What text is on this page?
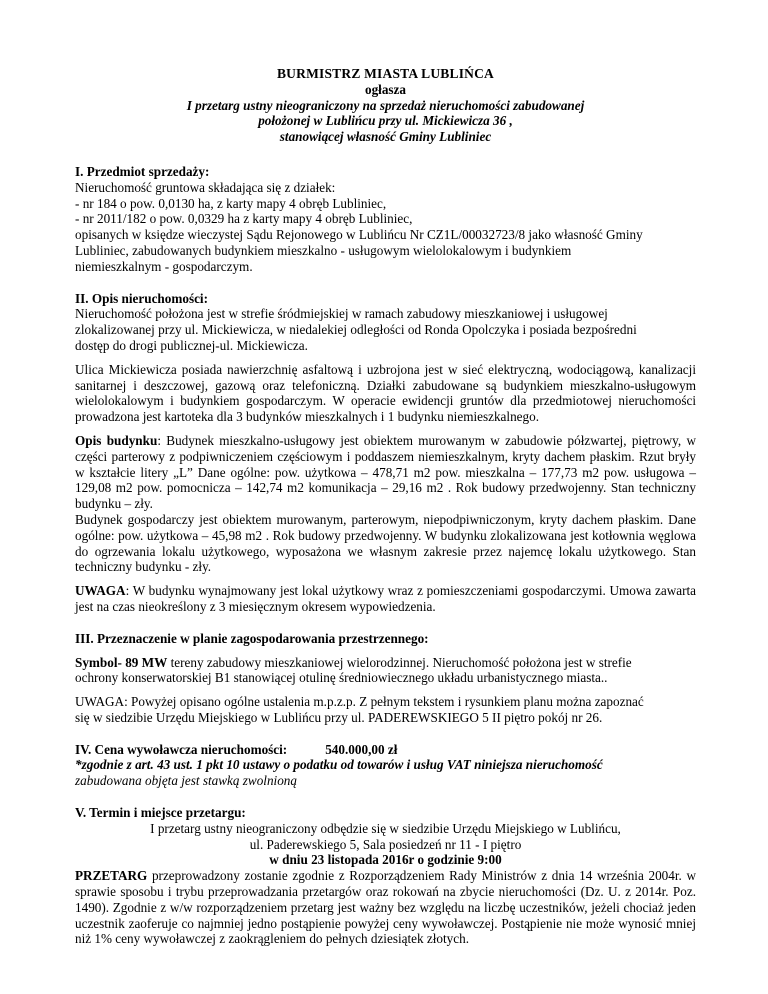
BURMISTRZ MIASTA LUBLIŃCA

ogłasza

I przetarg ustny nieograniczony na sprzedaż nieruchomości zabudowanej

położonej w Lublińcu przy ul. Mickiewicza 36 ,

stanowiącej własność Gminy Lubliniec

I. Przedmiot sprzedaży:

Nieruchomość gruntowa składająca się z działek:

- nr 184 o pow. 0,0130 ha, z karty mapy 4 obręb Lubliniec,

- nr 2011/182 o pow. 0,0329 ha z karty mapy 4 obręb Lubliniec,

opisanych w księdze wieczystej Sądu Rejonowego w Lublińcu Nr CZ1L/00032723/8 jako własność Gminy

Lubliniec, zabudowanych budynkiem mieszkalno - usługowym wielolokalowym i budynkiem

niemieszkalnym - gospodarczym.

II. Opis nieruchomości:

Nieruchomość położona jest w strefie śródmiejskiej w ramach zabudowy mieszkaniowej i usługowej

zlokalizowanej przy ul. Mickiewicza, w niedalekiej odległości od Ronda Opolczyka i posiada bezpośredni

dostęp do drogi publicznej-ul. Mickiewicza.

Ulica Mickiewicza posiada nawierzchnię asfaltową i uzbrojona jest w sieć elektryczną, wodociągową, kanalizacji sanitarnej i deszczowej, gazową oraz telefoniczną. Działki zabudowane są budynkiem mieszkalno-usługowym wielolokalowym i budynkiem gospodarczym. W operacie ewidencji gruntów dla przedmiotowej nieruchomości prowadzona jest kartoteka dla 3 budynków mieszkalnych i 1 budynku niemieszkalnego.

Opis budynku: Budynek mieszkalno-usługowy jest obiektem murowanym w zabudowie półzwartej, piętrowy, w części parterowy z podpiwniczeniem częściowym i poddaszem niemieszkalnym, kryty dachem płaskim. Rzut bryły w kształcie litery „L” Dane ogólne: pow. użytkowa – 478,71 m2 pow. mieszkalna – 177,73 m2 pow. usługowa – 129,08 m2 pow. pomocnicza – 142,74 m2 komunikacja – 29,16 m2 . Rok budowy przedwojenny. Stan techniczny budynku – zły.

Budynek gospodarczy jest obiektem murowanym, parterowym, niepodpiwniczonym, kryty dachem płaskim. Dane ogólne: pow. użytkowa – 45,98 m2 . Rok budowy przedwojenny. W budynku zlokalizowana jest kotłownia węglowa do ogrzewania lokalu użytkowego, wyposażona we własnym zakresie przez najemcę lokalu użytkowego. Stan techniczny budynku - zły.

UWAGA: W budynku wynajmowany jest lokal użytkowy wraz z pomieszczeniami gospodarczymi. Umowa zawarta jest na czas nieokreślony z 3 miesięcznym okresem wypowiedzenia.

III. Przeznaczenie w planie zagospodarowania przestrzennego:

Symbol- 89 MW tereny zabudowy mieszkaniowej wielorodzinnej. Nieruchomość położona jest w strefie

ochrony konserwatorskiej B1 stanowiącej otulinę średniowiecznego układu urbanistycznego miasta..

UWAGA: Powyżej opisano ogólne ustalenia m.p.z.p. Z pełnym tekstem i rysunkiem planu można zapoznać

się w siedzibie Urzędu Miejskiego w Lublińcu przy ul. PADEREWSKIEGO 5 II piętro pokój nr 26.

IV. Cena wywoławcza nieruchomości:	540.000,00 zł

*zgodnie z art. 43 ust. 1 pkt 10 ustawy o podatku od towarów i usług VAT niniejsza nieruchomość

zabudowana objęta jest stawką zwolnioną

V. Termin i miejsce przetargu:

I przetarg ustny nieograniczony odbędzie się w siedzibie Urzędu Miejskiego w Lublińcu,

ul. Paderewskiego 5, Sala posiedzeń nr 11 - I piętro

w dniu 23 listopada 2016r o godzinie 9:00

PRZETARG przeprowadzony zostanie zgodnie z Rozporządzeniem Rady Ministrów z dnia 14 września 2004r. w sprawie sposobu i trybu przeprowadzania przetargów oraz rokowań na zbycie nieruchomości (Dz. U. z 2014r. Poz. 1490). Zgodnie z w/w rozporządzeniem przetarg jest ważny bez względu na liczbę uczestników, jeżeli chociaż jeden uczestnik zaoferuje co najmniej jedno postąpienie powyżej ceny wywoławczej. Postąpienie nie może wynosić mniej niż 1% ceny wywoławczej z zaokrągleniem do pełnych dziesiątek złotych.
